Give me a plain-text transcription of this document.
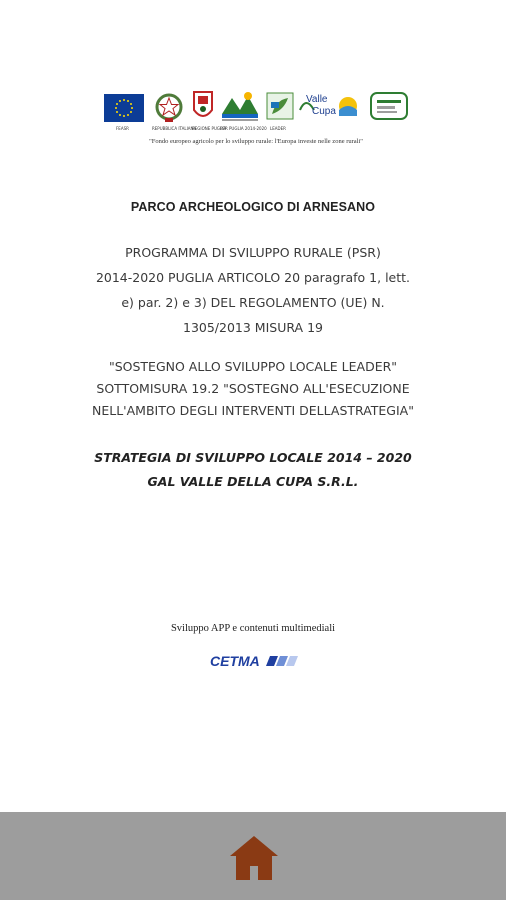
FEASR	REPUBBLICA ITALIANA
REGIONE PUGLIA
PSR PUGLIA 2014-2020 LEADER
Valle
Cupa
"Fondo europeo agricolo per lo sviluppo rurale: l'Europa investe nelle zone rurali"
PARCO ARCHEOLOGICO DI ARNESANO
PROGRAMMA DI SVILUPPO RURALE (PSR)
2014-2020 PUGLIA ARTICOLO 20 paragrafo 1, lett.
e) par. 2) e 3) DEL REGOLAMENTO (UE) N.
1305/2013 MISURA 19
"SOSTEGNO ALLO SVILUPPO LOCALE LEADER"
SOTTOMISURA 19.2 "SOSTEGNO ALL'ESECUZIONE
NELL'AMBITO DEGLI INTERVENTI DELLASTRATEGIA"
STRATEGIA DI SVILUPPO LOCALE 2014 – 2020
GAL VALLE DELLA CUPA S.R.L.
Sviluppo APP e contenuti multimediali
CETMA
